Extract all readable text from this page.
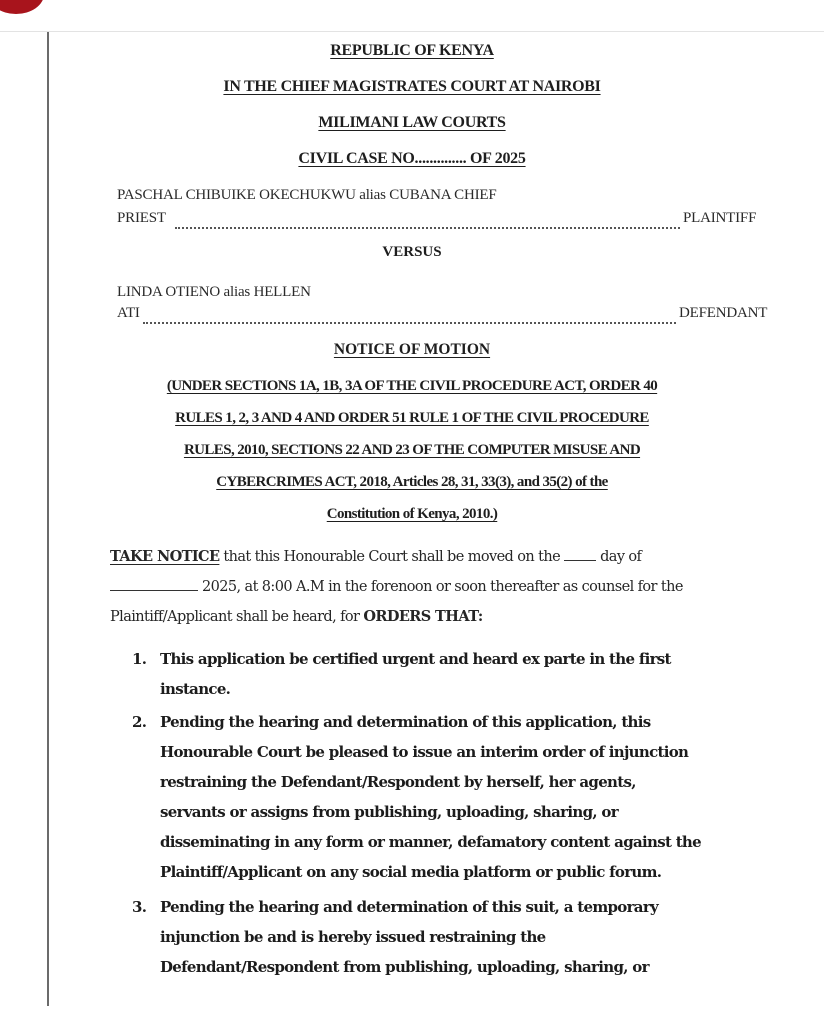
REPUBLIC OF KENYA
IN THE CHIEF MAGISTRATES COURT AT NAIROBI
MILIMANI LAW COURTS
CIVIL CASE NO.............. OF 2025
PASCHAL CHIBUIKE OKECHUKWU alias CUBANA CHIEF
PRIEST	PLAINTIFF
VERSUS
LINDA OTIENO alias HELLEN
ATI	DEFENDANT
NOTICE OF MOTION
(UNDER SECTIONS 1A, 1B, 3A OF THE CIVIL PROCEDURE ACT, ORDER 40
RULES 1, 2, 3 AND 4 AND ORDER 51 RULE 1 OF THE CIVIL PROCEDURE
RULES, 2010, SECTIONS 22 AND 23 OF THE COMPUTER MISUSE AND
CYBERCRIMES ACT, 2018, Articles 28, 31, 33(3), and 35(2) of the
Constitution of Kenya, 2010.)
TAKE NOTICE that this Honourable Court shall be moved on the  day of
2025, at 8:00 A.M in the forenoon or soon thereafter as counsel for the
Plaintiff/Applicant shall be heard, for ORDERS THAT:
1. This application be certified urgent and heard ex parte in the first
instance.
2. Pending the hearing and determination of this application, this
Honourable Court be pleased to issue an interim order of injunction
restraining the Defendant/Respondent by herself, her agents,
servants or assigns from publishing, uploading, sharing, or
disseminating in any form or manner, defamatory content against the
Plaintiff/Applicant on any social media platform or public forum.
3. Pending the hearing and determination of this suit, a temporary
injunction be and is hereby issued restraining the
Defendant/Respondent from publishing, uploading, sharing, or
